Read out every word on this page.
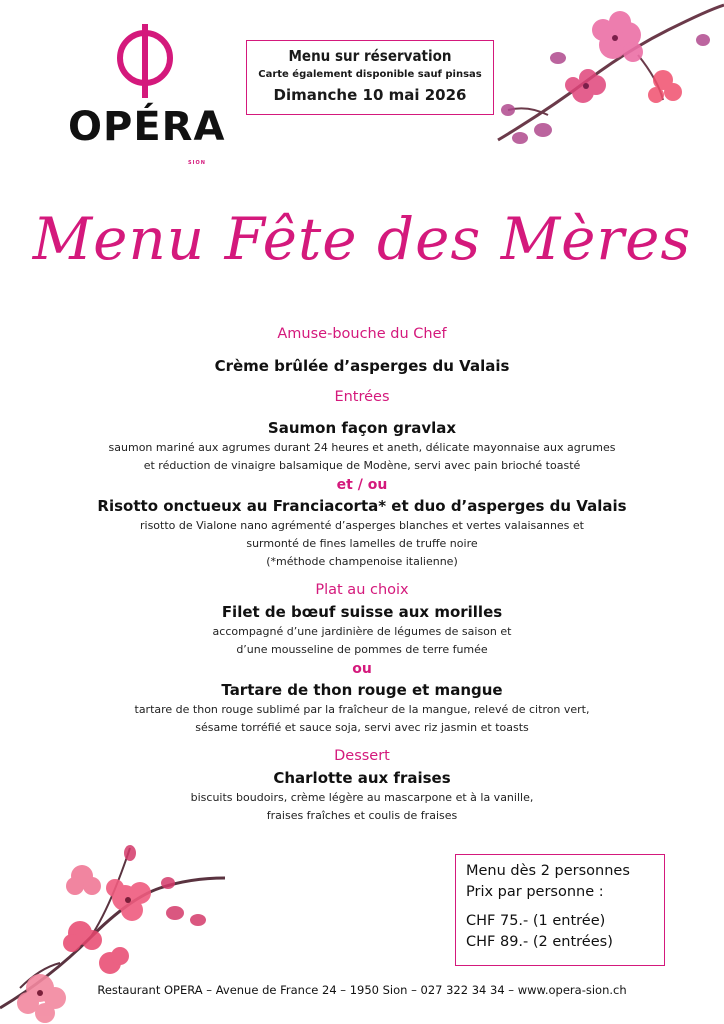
OPÉRA
SION
Menu sur réservation
Carte également disponible sauf pinsas
Dimanche 10 mai 2026
Menu Fête des Mères
Amuse-bouche du Chef
Crème brûlée d’asperges du Valais
Entrées
Saumon façon gravlax
saumon mariné aux agrumes durant 24 heures et aneth, délicate mayonnaise aux agrumes
et réduction de vinaigre balsamique de Modène, servi avec pain brioché toasté
et / ou
Risotto onctueux au Franciacorta* et duo d’asperges du Valais
risotto de Vialone nano agrémenté d’asperges blanches et vertes valaisannes et
surmonté de fines lamelles de truffe noire
(*méthode champenoise italienne)
Plat au choix
Filet de bœuf suisse aux morilles
accompagné d’une jardinière de légumes de saison et
d’une mousseline de pommes de terre fumée
ou
Tartare de thon rouge et mangue
tartare de thon rouge sublimé par la fraîcheur de la mangue, relevé de citron vert,
sésame torréfié et sauce soja, servi avec riz jasmin et toasts
Dessert
Charlotte aux fraises
biscuits boudoirs, crème légère au mascarpone et à la vanille,
fraises fraîches et coulis de fraises
Menu dès 2 personnes
Prix par personne :
CHF 75.- (1 entrée)
CHF 89.- (2 entrées)
Restaurant OPERA – Avenue de France 24 – 1950 Sion – 027 322 34 34 – www.opera-sion.ch
